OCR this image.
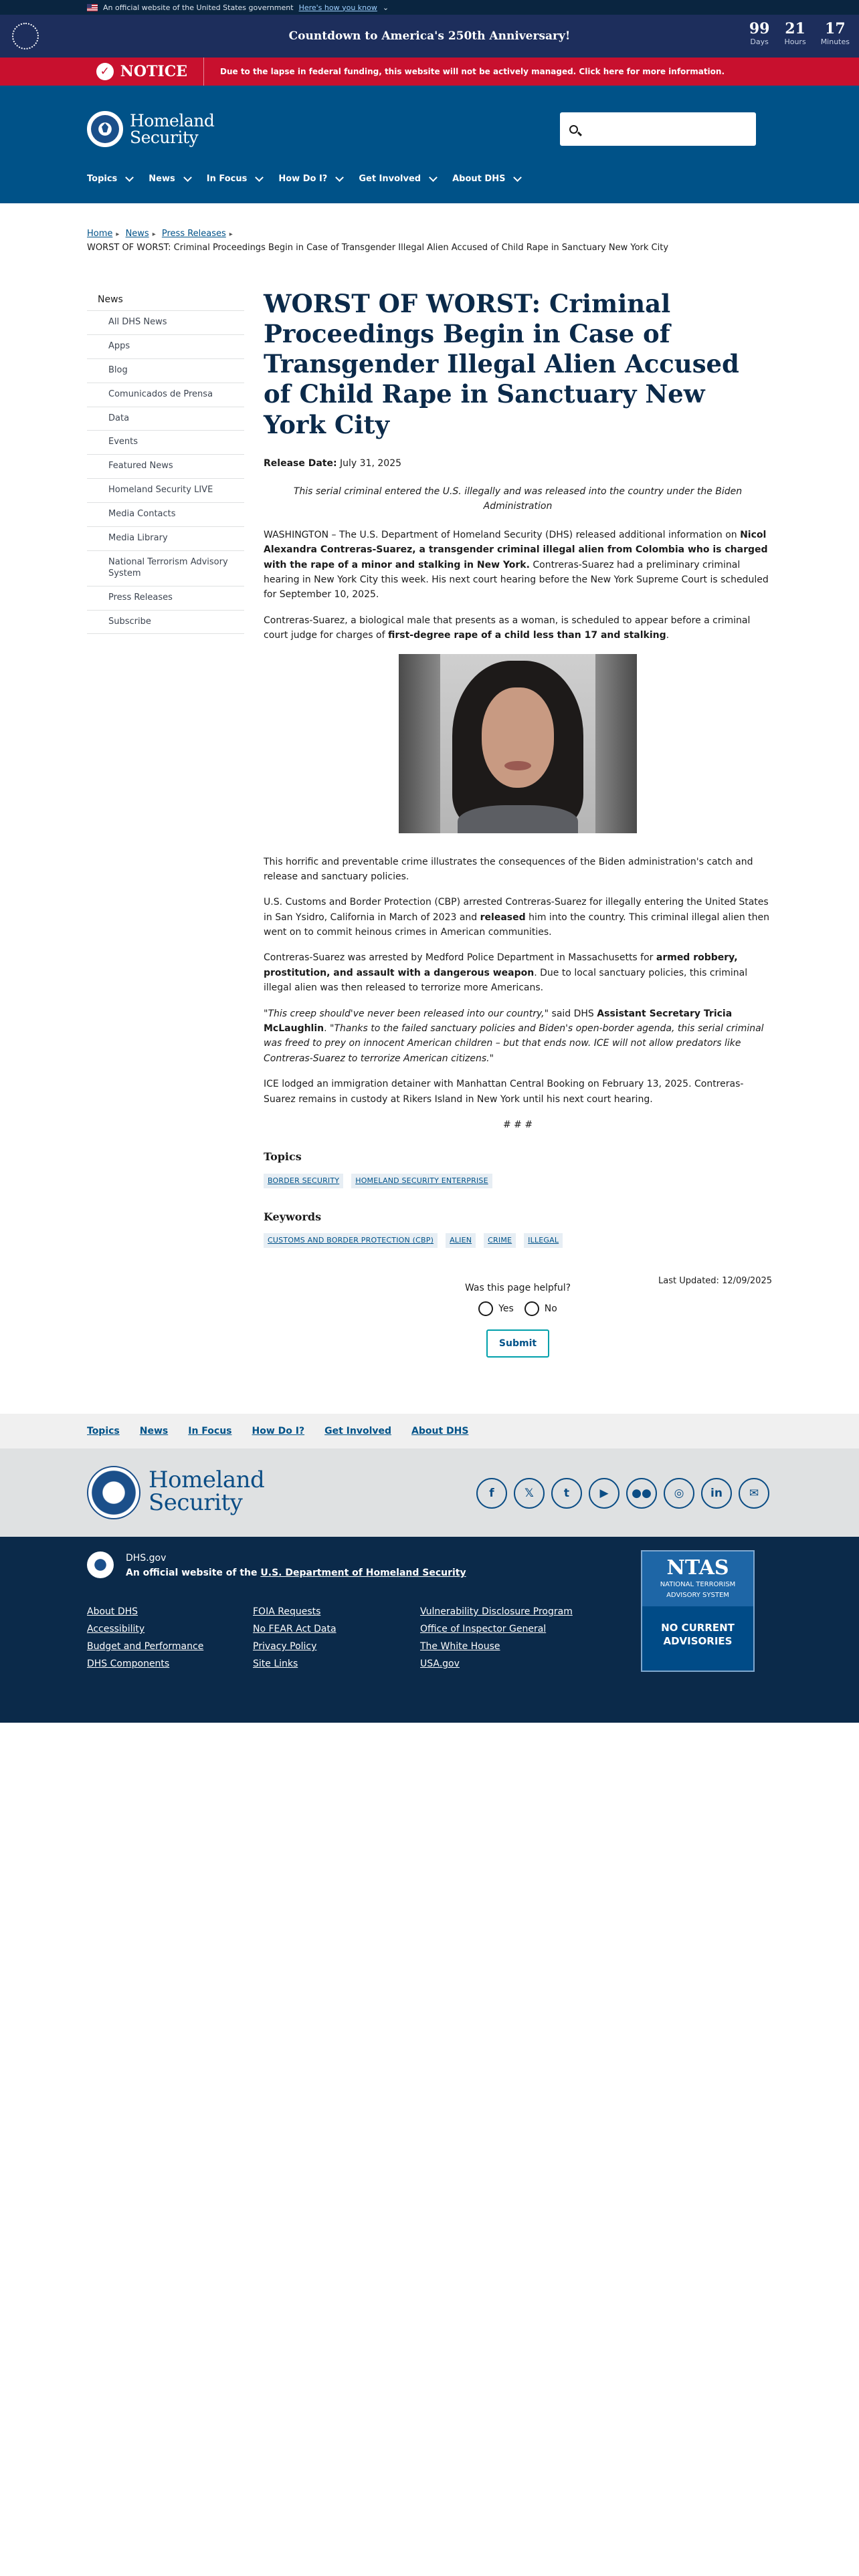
An official website of the United States government Here's how you know ⌄
Countdown to America's 250th Anniversary!	99
Days
21
Hours
17
Minutes
✓ NOTICE	Due to the lapse in federal funding, this website will not be actively managed. Click here for more information.
Homeland
Security
Topics	News	In Focus	How Do I?	Get Involved	About DHS
Home ▸ News ▸ Press Releases ▸
WORST OF WORST: Criminal Proceedings Begin in Case of Transgender Illegal Alien Accused of Child Rape in Sanctuary New York City
News
All DHS News
Apps
Blog
Comunicados de Prensa
Data
Events
Featured News
Homeland Security LIVE
Media Contacts
Media Library
National Terrorism Advisory System
Press Releases
Subscribe
WORST OF WORST: Criminal Proceedings Begin in Case of Transgender Illegal Alien Accused of Child Rape in Sanctuary New York City
Release Date: July 31, 2025
This serial criminal entered the U.S. illegally and was released into the country under the Biden Administration

WASHINGTON – The U.S. Department of Homeland Security (DHS) released additional information on Nicol Alexandra Contreras-Suarez, a transgender criminal illegal alien from Colombia who is charged with the rape of a minor and stalking in New York. Contreras-Suarez had a preliminary criminal hearing in New York City this week. His next court hearing before the New York Supreme Court is scheduled for September 10, 2025.

Contreras-Suarez, a biological male that presents as a woman, is scheduled to appear before a criminal court judge for charges of first-degree rape of a child less than 17 and stalking.

This horrific and preventable crime illustrates the consequences of the Biden administration's catch and release and sanctuary policies.

U.S. Customs and Border Protection (CBP) arrested Contreras-Suarez for illegally entering the United States in San Ysidro, California in March of 2023 and released him into the country. This criminal illegal alien then went on to commit heinous crimes in American communities.

Contreras-Suarez was arrested by Medford Police Department in Massachusetts for armed robbery, prostitution, and assault with a dangerous weapon. Due to local sanctuary policies, this criminal illegal alien was then released to terrorize more Americans.

"This creep should've never been released into our country," said DHS Assistant Secretary Tricia McLaughlin. "Thanks to the failed sanctuary policies and Biden's open-border agenda, this serial criminal was freed to prey on innocent American children – but that ends now. ICE will not allow predators like Contreras-Suarez to terrorize American citizens."

ICE lodged an immigration detainer with Manhattan Central Booking on February 13, 2025. Contreras-Suarez remains in custody at Rikers Island in New York until his next court hearing.

# # #
Topics
BORDER SECURITY	HOMELAND SECURITY ENTERPRISE
Keywords
CUSTOMS AND BORDER PROTECTION (CBP)	ALIEN	CRIME	ILLEGAL
Last Updated: 12/09/2025
Was this page helpful?
Yes	No
Submit
Topics News In Focus How Do I? Get Involved About DHS
Homeland
Security	f	𝕏	t	▶	●●	◎	in	✉
DHS.gov
An official website of the U.S. Department of Homeland Security
About DHS
Accessibility
Budget and Performance
DHS Components
FOIA Requests
No FEAR Act Data
Privacy Policy
Site Links
Vulnerability Disclosure Program
Office of Inspector General
The White House
USA.gov
NTAS
NATIONAL TERRORISM
ADVISORY SYSTEM
NO CURRENT
ADVISORIES
